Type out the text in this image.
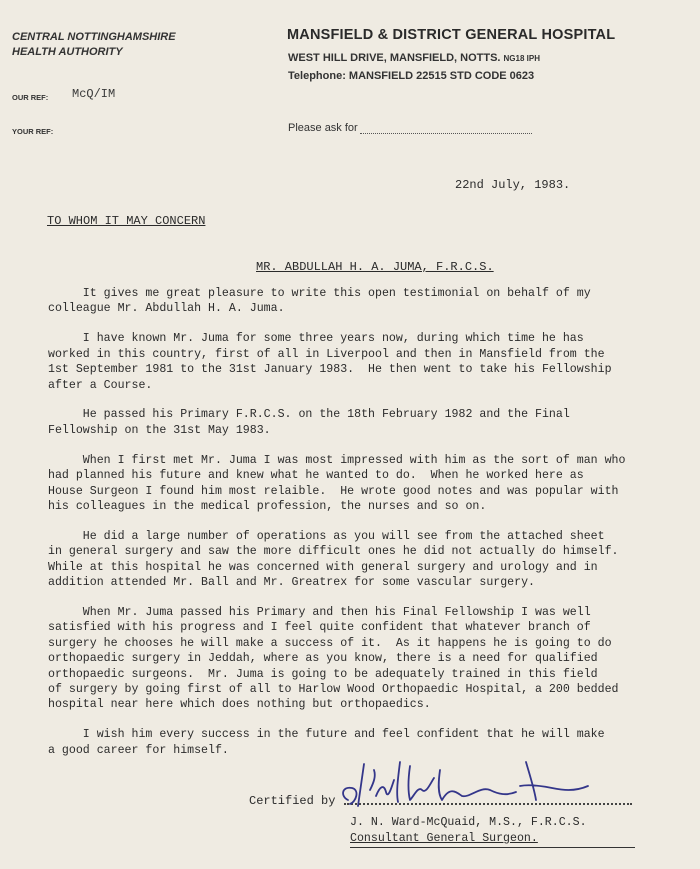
CENTRAL NOTTINGHAMSHIRE
HEALTH AUTHORITY
MANSFIELD & DISTRICT GENERAL HOSPITAL
WEST HILL DRIVE, MANSFIELD, NOTTS. NG18 IPH
Telephone: MANSFIELD 22515 STD CODE 0623
OUR REF: McQ/IM
YOUR REF:	Please ask for
22nd July, 1983.
TO WHOM IT MAY CONCERN
MR. ABDULLAH H. A. JUMA, F.R.C.S.

It gives me great pleasure to write this open testimonial on behalf of my
colleague Mr. Abdullah H. A. Juma.

I have known Mr. Juma for some three years now, during which time he has
worked in this country, first of all in Liverpool and then in Mansfield from the
1st September 1981 to the 31st January 1983.  He then went to take his Fellowship
after a Course.

He passed his Primary F.R.C.S. on the 18th February 1982 and the Final
Fellowship on the 31st May 1983.

When I first met Mr. Juma I was most impressed with him as the sort of man who
had planned his future and knew what he wanted to do.  When he worked here as
House Surgeon I found him most relaible.  He wrote good notes and was popular with
his colleagues in the medical profession, the nurses and so on.

He did a large number of operations as you will see from the attached sheet
in general surgery and saw the more difficult ones he did not actually do himself.
While at this hospital he was concerned with general surgery and urology and in
addition attended Mr. Ball and Mr. Greatrex for some vascular surgery.

When Mr. Juma passed his Primary and then his Final Fellowship I was well
satisfied with his progress and I feel quite confident that whatever branch of
surgery he chooses he will make a success of it.  As it happens he is going to do
orthopaedic surgery in Jeddah, where as you know, there is a need for qualified
orthopaedic surgeons.  Mr. Juma is going to be adequately trained in this field
of surgery by going first of all to Harlow Wood Orthopaedic Hospital, a 200 bedded
hospital near here which does nothing but orthopaedics.

I wish him every success in the future and feel confident that he will make
a good career for himself.

Certified by
J. N. Ward-McQuaid, M.S., F.R.C.S.
Consultant General Surgeon.
